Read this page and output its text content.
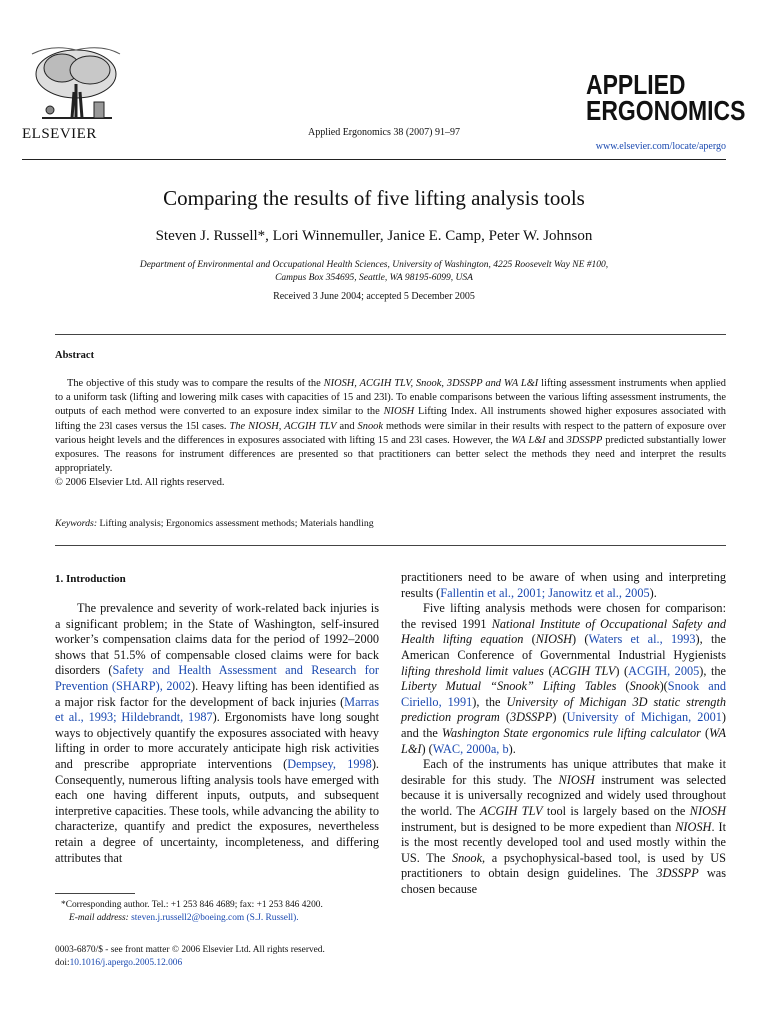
ELSEVIER	Applied Ergonomics 38 (2007) 91–97
APPLIED
ERGONOMICS
www.elsevier.com/locate/apergo
Comparing the results of five lifting analysis tools
Steven J. Russell*, Lori Winnemuller, Janice E. Camp, Peter W. Johnson
Department of Environmental and Occupational Health Sciences, University of Washington, 4225 Roosevelt Way NE #100,
Campus Box 354695, Seattle, WA 98195-6099, USA
Received 3 June 2004; accepted 5 December 2005
Abstract
The objective of this study was to compare the results of the NIOSH, ACGIH TLV, Snook, 3DSSPP and WA L&I lifting assessment instruments when applied to a uniform task (lifting and lowering milk cases with capacities of 15 and 23l). To enable comparisons between the various lifting assessment instruments, the outputs of each method were converted to an exposure index similar to the NIOSH Lifting Index. All instruments showed higher exposures associated with lifting the 23l cases versus the 15l cases. The NIOSH, ACGIH TLV and Snook methods were similar in their results with respect to the pattern of exposure over various height levels and the differences in exposures associated with lifting 15 and 23l cases. However, the WA L&I and 3DSSPP predicted substantially lower exposures. The reasons for instrument differences are presented so that practitioners can better select the methods they need and interpret the results appropriately.
© 2006 Elsevier Ltd. All rights reserved.
Keywords: Lifting analysis; Ergonomics assessment methods; Materials handling
1. Introduction

The prevalence and severity of work-related back injuries is a significant problem; in the State of Washington, self-insured worker’s compensation claims data for the period of 1992–2000 shows that 51.5% of compensable closed claims were for back disorders (Safety and Health Assessment and Research for Prevention (SHARP), 2002). Heavy lifting has been identified as a major risk factor for the development of back injuries (Marras et al., 1993; Hildebrandt, 1987). Ergonomists have long sought ways to objectively quantify the exposures associated with heavy lifting in order to more accurately anticipate high risk activities and prescribe appropriate interventions (Dempsey, 1998). Consequently, numerous lifting analysis tools have emerged with each one having different inputs, outputs, and subsequent interpretive capacities. These tools, while advancing the ability to characterize, quantify and predict the exposures, nevertheless retain a degree of uncertainty, incompleteness, and differing attributes that

*Corresponding author. Tel.: +1 253 846 4689; fax: +1 253 846 4200.
E-mail address: steven.j.russell2@boeing.com (S.J. Russell).
0003-6870/$ - see front matter © 2006 Elsevier Ltd. All rights reserved.
doi:10.1016/j.apergo.2005.12.006

practitioners need to be aware of when using and interpreting results (Fallentin et al., 2001; Janowitz et al., 2005).

Five lifting analysis methods were chosen for comparison: the revised 1991 National Institute of Occupational Safety and Health lifting equation (NIOSH) (Waters et al., 1993), the American Conference of Governmental Industrial Hygienists lifting threshold limit values (ACGIH TLV) (ACGIH, 2005), the Liberty Mutual “Snook” Lifting Tables (Snook)(Snook and Ciriello, 1991), the University of Michigan 3D static strength prediction program (3DSSPP) (University of Michigan, 2001) and the Washington State ergonomics rule lifting calculator (WA L&I) (WAC, 2000a, b).

Each of the instruments has unique attributes that make it desirable for this study. The NIOSH instrument was selected because it is universally recognized and widely used throughout the world. The ACGIH TLV tool is largely based on the NIOSH instrument, but is designed to be more expedient than NIOSH. It is the most recently developed tool and used mostly within the US. The Snook, a psychophysical-based tool, is used by US practitioners to obtain design guidelines. The 3DSSPP was chosen because
